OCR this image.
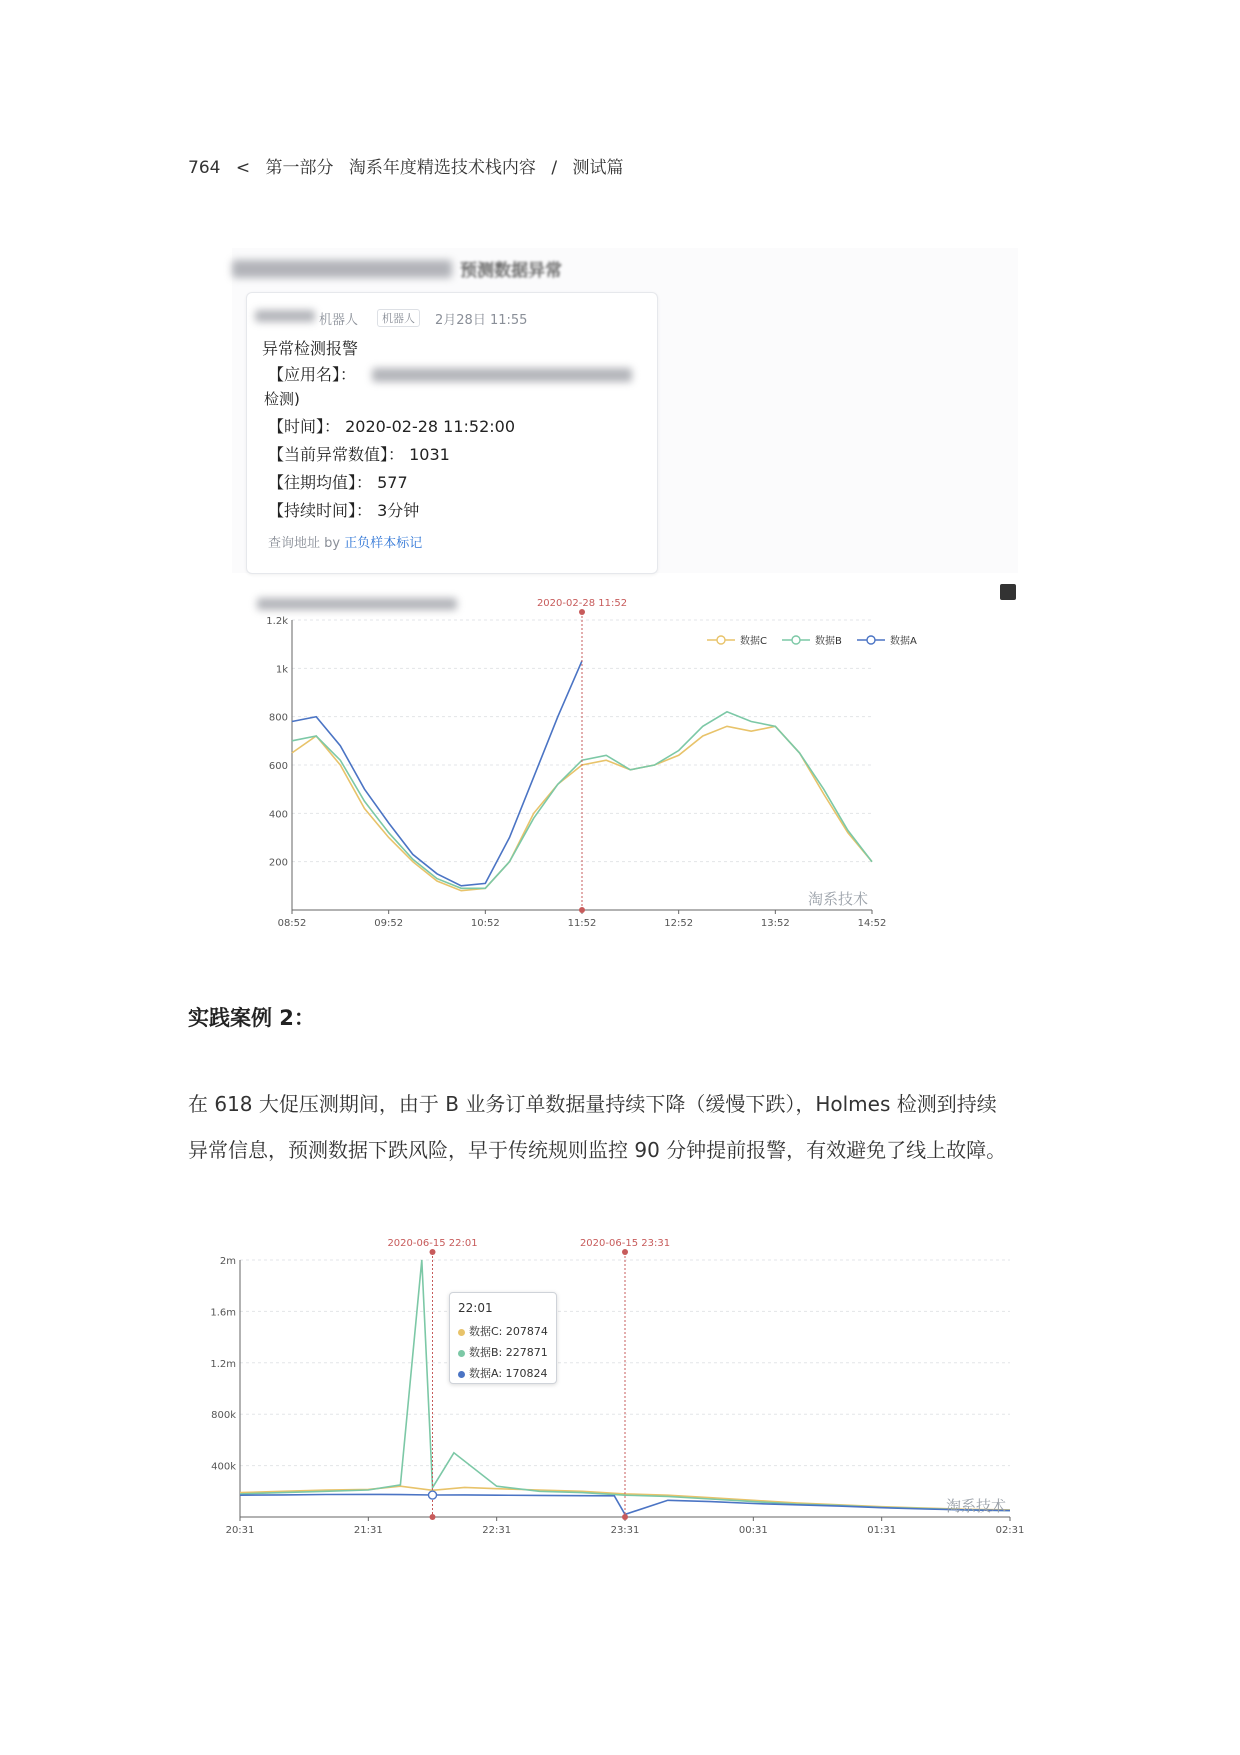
764 < 第一部分 淘系年度精选技术栈内容 / 测试篇
预测数据异常
机器人	机器人	2月28日 11:55
异常检测报警
【应用名】：
检测)
【时间】： 2020-02-28 11:52:00
【当前异常数值】： 1031
【往期均值】： 577
【持续时间】： 3分钟
查询地址 by 正负样本标记
200
400
600
800
1k
1.2k
08:52	09:52	10:52	11:52	12:52	13:52	14:52
2020-02-28 11:52
淘系技术
数据C	数据B	数据A
实践案例 2：
在 618 大促压测期间，由于 B 业务订单数据量持续下降（缓慢下跌），Holmes 检测到持续
异常信息，预测数据下跌风险，早于传统规则监控 90 分钟提前报警，有效避免了线上故障。
400k
800k
1.2m
1.6m
2m
20:31	21:31	22:31	23:31	00:31	01:31	02:31
2020-06-15 22:01	2020-06-15 23:31
淘系技术
22:01
数据C: 207874
数据B: 227871
数据A: 170824
